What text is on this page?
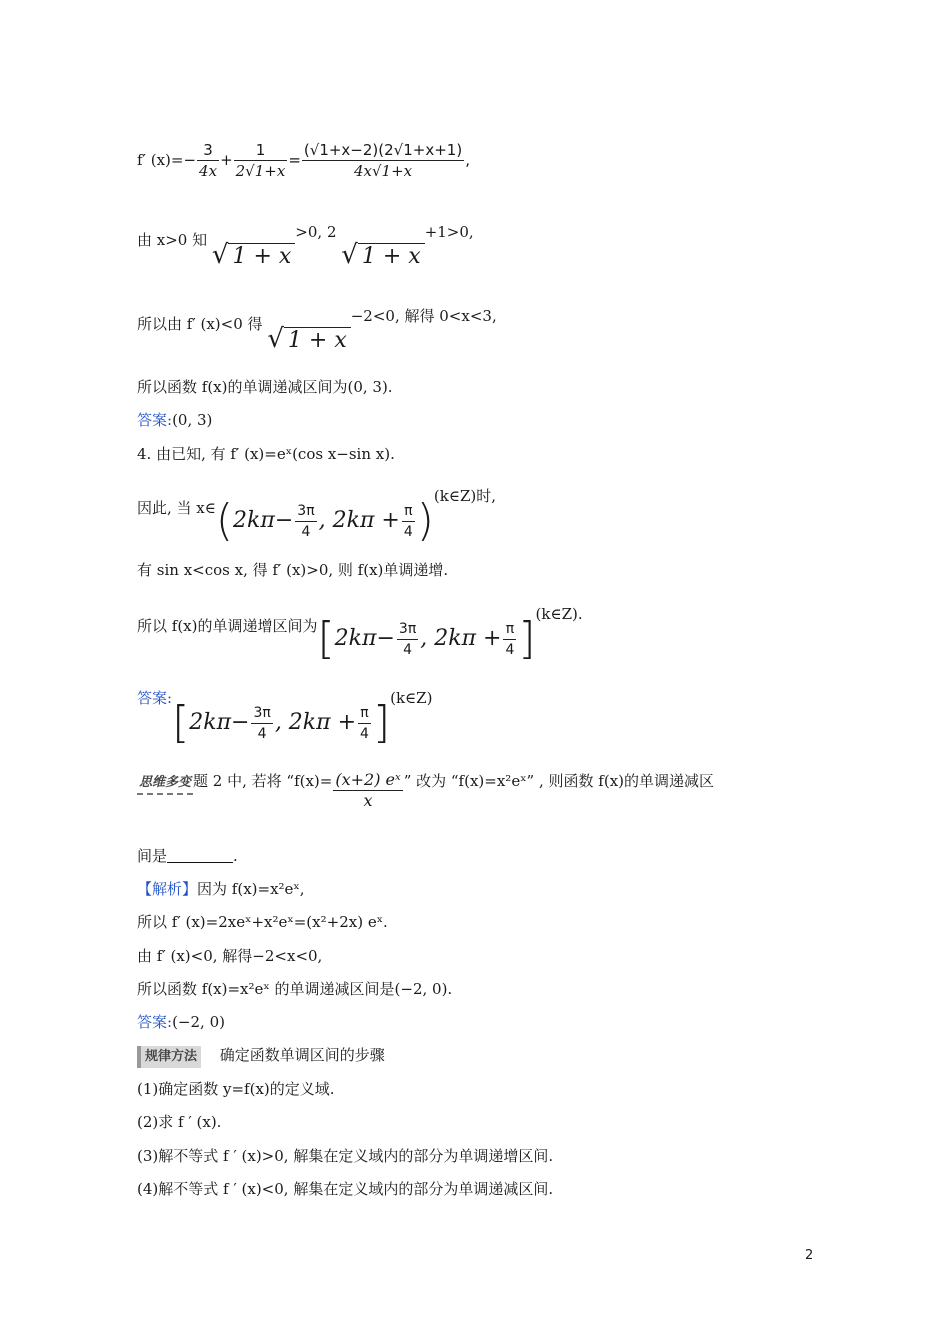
f′ $(x)=- \frac{3}{4x} + \frac{1}{2√1+x} = \frac{(√1+x-2)(2√1+x+1)}{4x√1+x}$ ,
由 x>0 知 √ 1 + x>0, 2 √ 1 + x+1>0,
所以由 f′ (x)<0 得 √ 1 + x−2<0, 解得 0<x<3,
所以函数 f(x)的单调递减区间为(0, 3).
答案:(0, 3)
4. 由已知, 有 f′ (x)=eˣ(cos x−sin x).
因此, 当 x∈(2kπ− $\frac{3\pi}{4}$ , $2k\pi + \frac{\pi}{4}$ )(k∈Z)时,
有 sin x<cos x, 得 f′ (x)>0, 则 f(x)单调递增.
所以 f(x)的单调递增区间为[$2k\pi- \frac{3\pi}{4}$ , $2k\pi + \frac{\pi}{4}$ ](k∈Z).
答案:[2kπ− $\frac{3\pi}{4}$ , $2k\pi + \frac{\pi}{4}$ ](k∈Z)
思维多变 题 2 中, 若将 “$f(x)= \frac{\text{(x+2) eˣ}}{x}$ ” 改为 “f(x)=x²eˣ” , 则函数 f(x)的单调递减区
间是	.
【解析】因为 f(x)=x²eˣ,
所以 f′ (x)=2xeˣ+x²eˣ=(x²+2x) eˣ.
由 f′ (x)<0, 解得−2<x<0,
所以函数 f(x)=x²eˣ 的单调递减区间是(−2, 0).
答案:(−2, 0)
规律方法 确定函数单调区间的步骤
(1)确定函数 y=f(x)的定义域.
(2)求 f ′ (x).
(3)解不等式 f ′ (x)>0, 解集在定义域内的部分为单调递增区间.
(4)解不等式 f ′ (x)<0, 解集在定义域内的部分为单调递减区间.
2
